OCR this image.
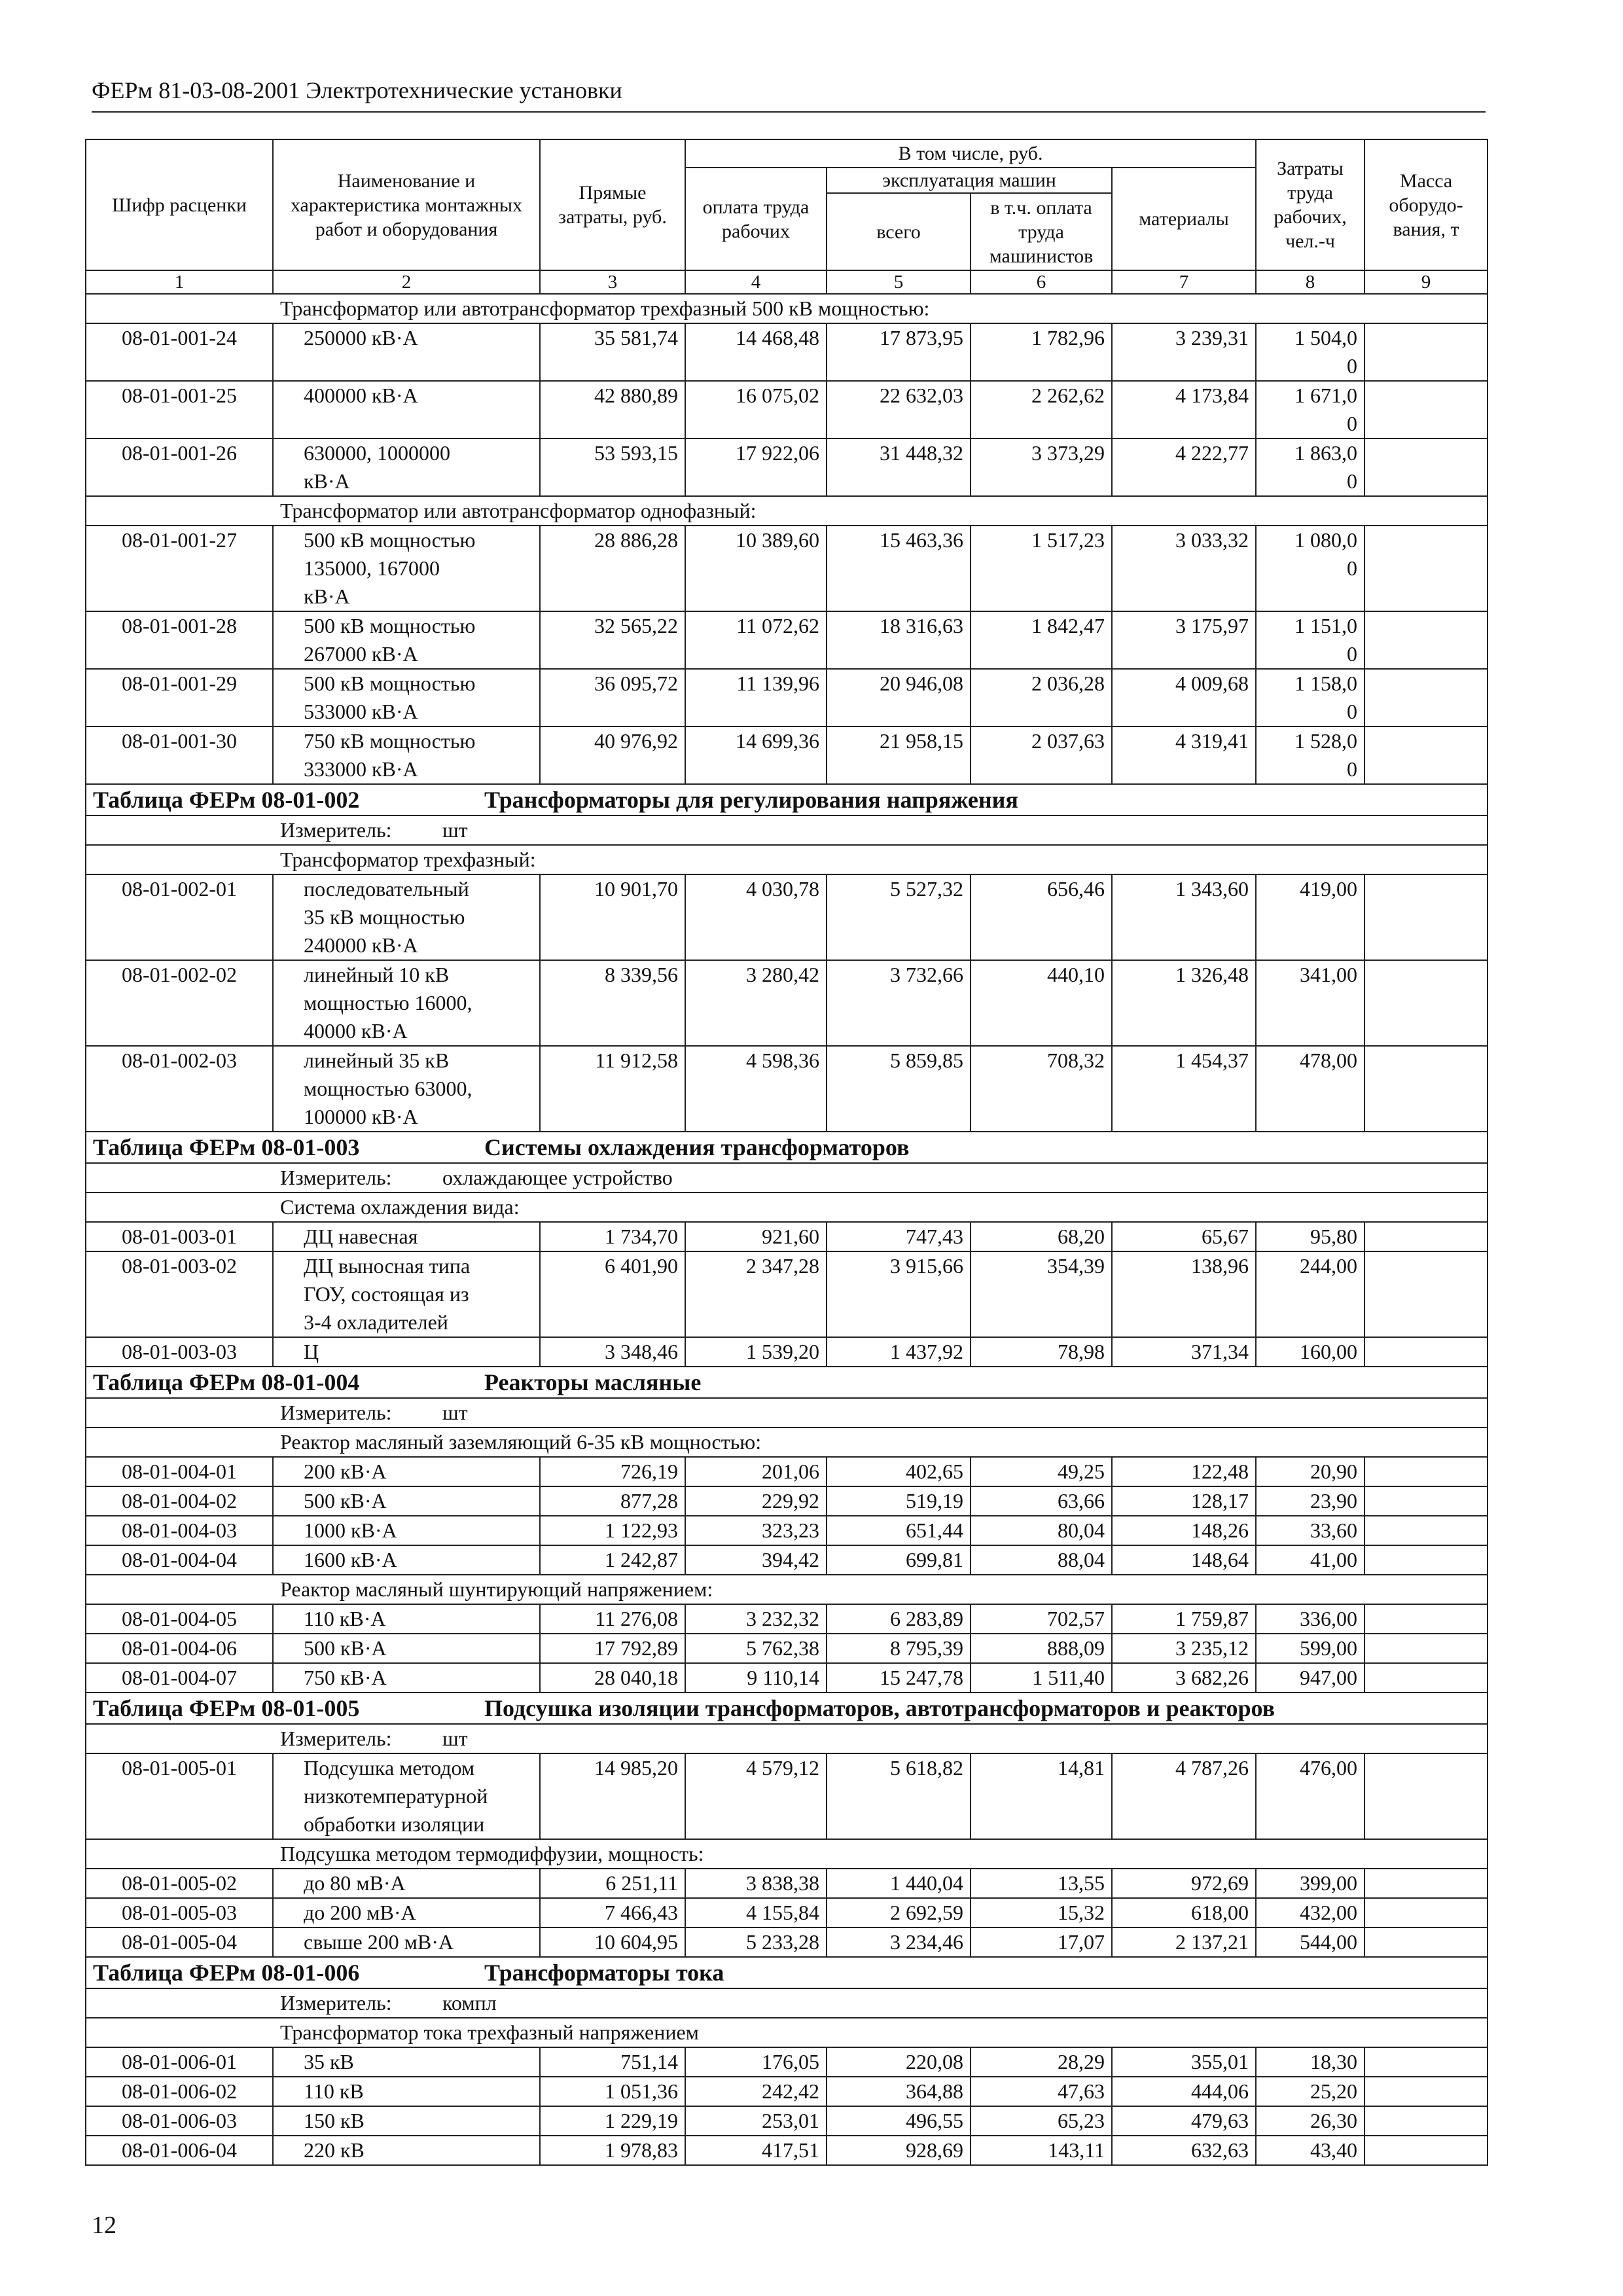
ФЕРм 81-03-08-2001 Электротехнические установки
Шифр расценки	Наименование и характеристика монтажных работ и оборудования	Прямые затраты, руб.	В том числе, руб.				Затраты труда рабочих, чел.-ч	Масса оборудо-вания, т
			оплата труда рабочих	эксплуатация машин		материалы		
				всего	в т.ч. оплата труда машинистов			
1	2	3	4	5	6	7	8	9
Трансформатор или автотрансформатор трехфазный 500 кВ мощностью:								
08-01-001-24	250000 кВ·А	35 581,74	14 468,48	17 873,95	1 782,96	3 239,31	1 504,0
0	
08-01-001-25	400000 кВ·А	42 880,89	16 075,02	22 632,03	2 262,62	4 173,84	1 671,0
0	
08-01-001-26	630000, 1000000
кВ·А	53 593,15	17 922,06	31 448,32	3 373,29	4 222,77	1 863,0
0	
Трансформатор или автотрансформатор однофазный:								
08-01-001-27	500 кВ мощностью
135000, 167000
кВ·А	28 886,28	10 389,60	15 463,36	1 517,23	3 033,32	1 080,0
0	
08-01-001-28	500 кВ мощностью
267000 кВ·А	32 565,22	11 072,62	18 316,63	1 842,47	3 175,97	1 151,0
0	
08-01-001-29	500 кВ мощностью
533000 кВ·А	36 095,72	11 139,96	20 946,08	2 036,28	4 009,68	1 158,0
0	
08-01-001-30	750 кВ мощностью
333000 кВ·А	40 976,92	14 699,36	21 958,15	2 037,63	4 319,41	1 528,0
0	
Таблица ФЕРм 08-01-002 Трансформаторы для регулирования напряжения								
Измеритель: шт								
Трансформатор трехфазный:								
08-01-002-01	последовательный
35 кВ мощностью
240000 кВ·А	10 901,70	4 030,78	5 527,32	656,46	1 343,60	419,00	
08-01-002-02	линейный 10 кВ
мощностью 16000,
40000 кВ·А	8 339,56	3 280,42	3 732,66	440,10	1 326,48	341,00	
08-01-002-03	линейный 35 кВ
мощностью 63000,
100000 кВ·А	11 912,58	4 598,36	5 859,85	708,32	1 454,37	478,00	
Таблица ФЕРм 08-01-003 Системы охлаждения трансформаторов								
Измеритель: охлаждающее устройство								
Система охлаждения вида:								
08-01-003-01	ДЦ навесная	1 734,70	921,60	747,43	68,20	65,67	95,80	
08-01-003-02	ДЦ выносная типа
ГОУ, состоящая из
3-4 охладителей	6 401,90	2 347,28	3 915,66	354,39	138,96	244,00	
08-01-003-03	Ц	3 348,46	1 539,20	1 437,92	78,98	371,34	160,00	
Таблица ФЕРм 08-01-004 Реакторы масляные								
Измеритель: шт								
Реактор масляный заземляющий 6-35 кВ мощностью:								
08-01-004-01	200 кВ·А	726,19	201,06	402,65	49,25	122,48	20,90	
08-01-004-02	500 кВ·А	877,28	229,92	519,19	63,66	128,17	23,90	
08-01-004-03	1000 кВ·А	1 122,93	323,23	651,44	80,04	148,26	33,60	
08-01-004-04	1600 кВ·А	1 242,87	394,42	699,81	88,04	148,64	41,00	
Реактор масляный шунтирующий напряжением:								
08-01-004-05	110 кВ·А	11 276,08	3 232,32	6 283,89	702,57	1 759,87	336,00	
08-01-004-06	500 кВ·А	17 792,89	5 762,38	8 795,39	888,09	3 235,12	599,00	
08-01-004-07	750 кВ·А	28 040,18	9 110,14	15 247,78	1 511,40	3 682,26	947,00	
Таблица ФЕРм 08-01-005 Подсушка изоляции трансформаторов, автотрансформаторов и реакторов								
Измеритель: шт								
08-01-005-01	Подсушка методом
низкотемпературной
обработки изоляции	14 985,20	4 579,12	5 618,82	14,81	4 787,26	476,00	
Подсушка методом термодиффузии, мощность:								
08-01-005-02	до 80 мВ·А	6 251,11	3 838,38	1 440,04	13,55	972,69	399,00	
08-01-005-03	до 200 мВ·А	7 466,43	4 155,84	2 692,59	15,32	618,00	432,00	
08-01-005-04	свыше 200 мВ·А	10 604,95	5 233,28	3 234,46	17,07	2 137,21	544,00	
Таблица ФЕРм 08-01-006 Трансформаторы тока								
Измеритель: компл								
Трансформатор тока трехфазный напряжением								
08-01-006-01	35 кВ	751,14	176,05	220,08	28,29	355,01	18,30	
08-01-006-02	110 кВ	1 051,36	242,42	364,88	47,63	444,06	25,20	
08-01-006-03	150 кВ	1 229,19	253,01	496,55	65,23	479,63	26,30	
08-01-006-04	220 кВ	1 978,83	417,51	928,69	143,11	632,63	43,40	
12
